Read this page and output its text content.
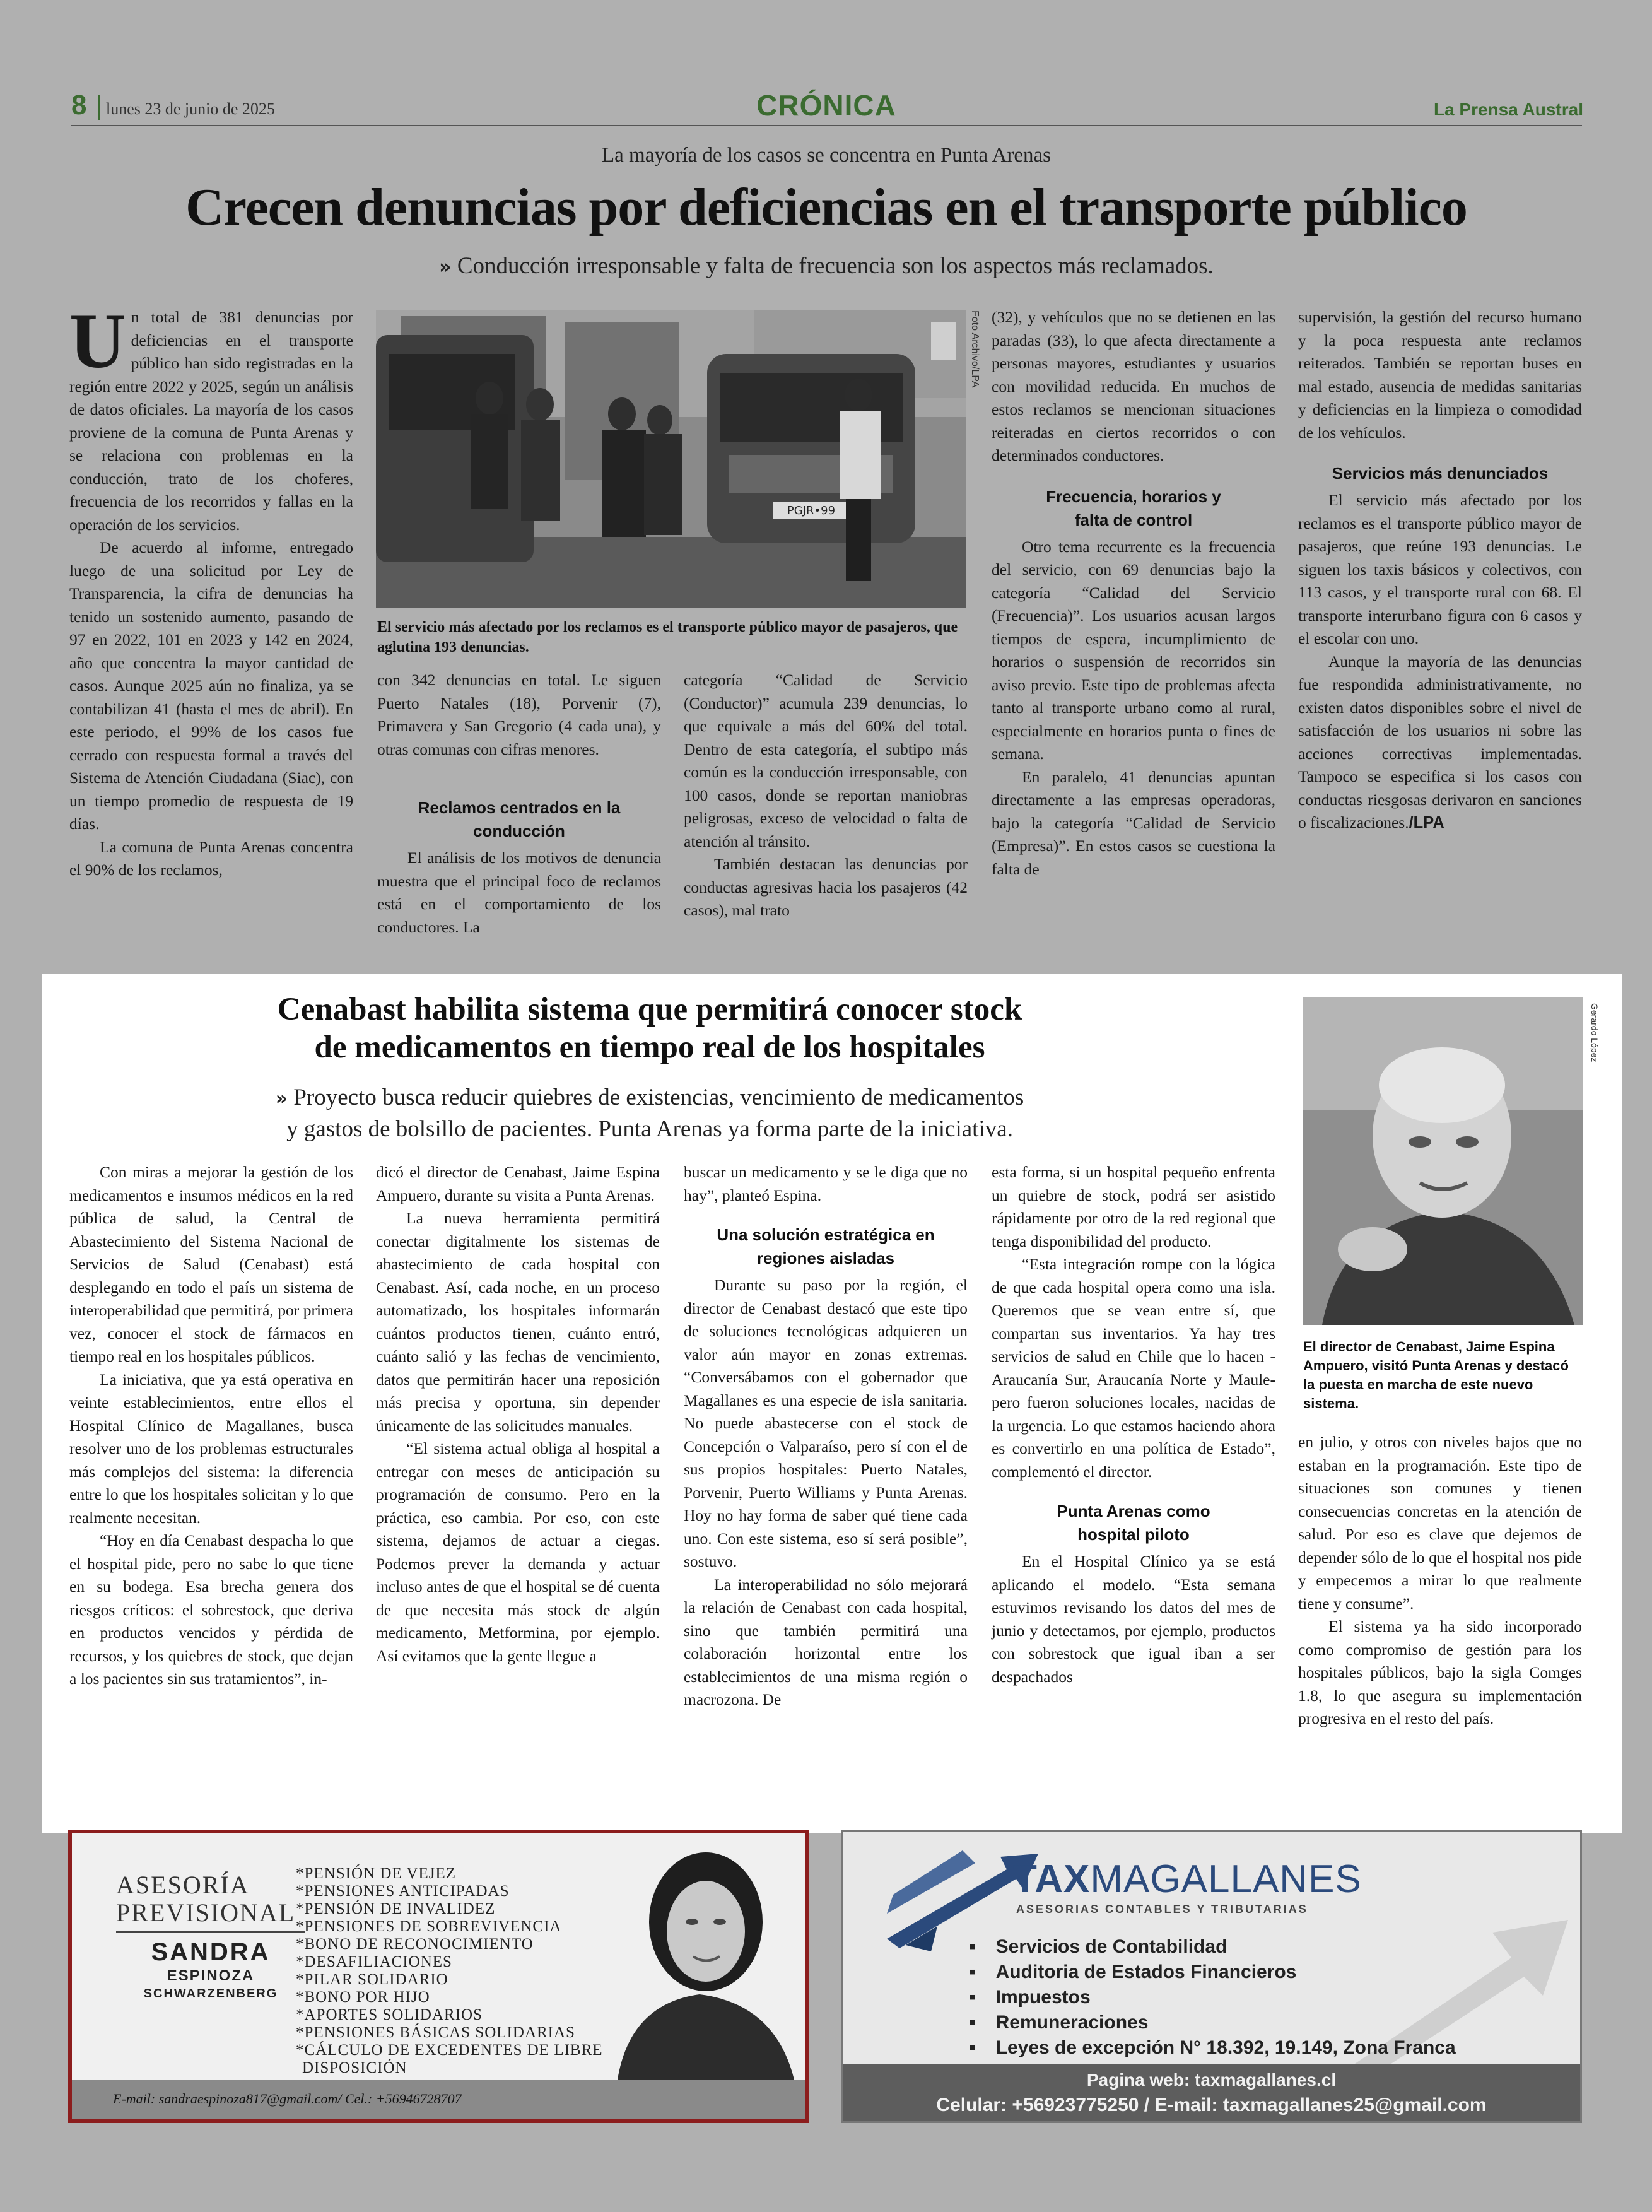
8 lunes 23 de junio de 2025	CRÓNICA	La Prensa Austral
La mayoría de los casos se concentra en Punta Arenas
Crecen denuncias por deficiencias en el transporte público
» Conducción irresponsable y falta de frecuencia son los aspectos más reclamados.

Un total de 381 denuncias por deficiencias en el transporte público han sido registradas en la región entre 2022 y 2025, según un análisis de datos oficiales. La mayoría de los casos proviene de la comuna de Punta Arenas y se relaciona con problemas en la conducción, trato de los choferes, frecuencia de los recorridos y fallas en la operación de los servicios.

De acuerdo al informe, entregado luego de una solicitud por Ley de Transparencia, la cifra de denuncias ha tenido un sostenido aumento, pasando de 97 en 2022, 101 en 2023 y 142 en 2024, año que concentra la mayor cantidad de casos. Aunque 2025 aún no finaliza, ya se contabilizan 41 (hasta el mes de abril). En este periodo, el 99% de los casos fue cerrado con respuesta formal a través del Sistema de Atención Ciudadana (Siac), con un tiempo promedio de respuesta de 19 días.

La comuna de Punta Arenas concentra el 90% de los reclamos,

PGJR•99
Foto Archivo/LPA
El servicio más afectado por los reclamos es el transporte público mayor de pasajeros, que aglutina 193 denuncias.

con 342 denuncias en total. Le siguen Puerto Natales (18), Porvenir (7), Primavera y San Gregorio (4 cada una), y otras comunas con cifras menores.

Reclamos centrados en la conducción

El análisis de los motivos de denuncia muestra que el principal foco de reclamos está en el comportamiento de los conductores. La

categoría “Calidad de Servicio (Conductor)” acumula 239 denuncias, lo que equivale a más del 60% del total. Dentro de esta categoría, el subtipo más común es la conducción irresponsable, con 100 casos, donde se reportan maniobras peligrosas, exceso de velocidad o falta de atención al tránsito.

También destacan las denuncias por conductas agresivas hacia los pasajeros (42 casos), mal trato

(32), y vehículos que no se detienen en las paradas (33), lo que afecta directamente a personas mayores, estudiantes y usuarios con movilidad reducida. En muchos de estos reclamos se mencionan situaciones reiteradas en ciertos recorridos o con determinados conductores.

Frecuencia, horarios y falta de control

Otro tema recurrente es la frecuencia del servicio, con 69 denuncias bajo la categoría “Calidad del Servicio (Frecuencia)”. Los usuarios acusan largos tiempos de espera, incumplimiento de horarios o suspensión de recorridos sin aviso previo. Este tipo de problemas afecta tanto al transporte urbano como al rural, especialmente en horarios punta o fines de semana.

En paralelo, 41 denuncias apuntan directamente a las empresas operadoras, bajo la categoría “Calidad de Servicio (Empresa)”. En estos casos se cuestiona la falta de

supervisión, la gestión del recurso humano y la poca respuesta ante reclamos reiterados. También se reportan buses en mal estado, ausencia de medidas sanitarias y deficiencias en la limpieza o comodidad de los vehículos.

Servicios más denunciados

El servicio más afectado por los reclamos es el transporte público mayor de pasajeros, que reúne 193 denuncias. Le siguen los taxis básicos y colectivos, con 113 casos, y el transporte rural con 68. El transporte interurbano figura con 6 casos y el escolar con uno.

Aunque la mayoría de las denuncias fue respondida administrativamente, no existen datos disponibles sobre el nivel de satisfacción de los usuarios ni sobre las acciones correctivas implementadas. Tampoco se especifica si los casos con conductas riesgosas derivaron en sanciones o fiscalizaciones./LPA

Cenabast habilita sistema que permitirá conocer stock
de medicamentos en tiempo real de los hospitales
» Proyecto busca reducir quiebres de existencias, vencimiento de medicamentos
y gastos de bolsillo de pacientes. Punta Arenas ya forma parte de la iniciativa.
Gerardo López
El director de Cenabast, Jaime Espina Ampuero, visitó Punta Arenas y destacó la puesta en marcha de este nuevo sistema.

Con miras a mejorar la gestión de los medicamentos e insumos médicos en la red pública de salud, la Central de Abastecimiento del Sistema Nacional de Servicios de Salud (Cenabast) está desplegando en todo el país un sistema de interoperabilidad que permitirá, por primera vez, conocer el stock de fármacos en tiempo real en los hospitales públicos.

La iniciativa, que ya está operativa en veinte establecimientos, entre ellos el Hospital Clínico de Magallanes, busca resolver uno de los problemas estructurales más complejos del sistema: la diferencia entre lo que los hospitales solicitan y lo que realmente necesitan.

“Hoy en día Cenabast despacha lo que el hospital pide, pero no sabe lo que tiene en su bodega. Esa brecha genera dos riesgos críticos: el sobrestock, que deriva en productos vencidos y pérdida de recursos, y los quiebres de stock, que dejan a los pacientes sin sus tratamientos”, in-

dicó el director de Cenabast, Jaime Espina Ampuero, durante su visita a Punta Arenas.

La nueva herramienta permitirá conectar digitalmente los sistemas de abastecimiento de cada hospital con Cenabast. Así, cada noche, en un proceso automatizado, los hospitales informarán cuántos productos tienen, cuánto entró, cuánto salió y las fechas de vencimiento, datos que permitirán hacer una reposición más precisa y oportuna, sin depender únicamente de las solicitudes manuales.

“El sistema actual obliga al hospital a entregar con meses de anticipación su programación de consumo. Pero en la práctica, eso cambia. Por eso, con este sistema, dejamos de actuar a ciegas. Podemos prever la demanda y actuar incluso antes de que el hospital se dé cuenta de que necesita más stock de algún medicamento, Metformina, por ejemplo. Así evitamos que la gente llegue a

buscar un medicamento y se le diga que no hay”, planteó Espina.

Una solución estratégica en regiones aisladas

Durante su paso por la región, el director de Cenabast destacó que este tipo de soluciones tecnológicas adquieren un valor aún mayor en zonas extremas. “Conversábamos con el gobernador que Magallanes es una especie de isla sanitaria. No puede abastecerse con el stock de Concepción o Valparaíso, pero sí con el de sus propios hospitales: Puerto Natales, Porvenir, Puerto Williams y Punta Arenas. Hoy no hay forma de saber qué tiene cada uno. Con este sistema, eso sí será posible”, sostuvo.

La interoperabilidad no sólo mejorará la relación de Cenabast con cada hospital, sino que también permitirá una colaboración horizontal entre los establecimientos de una misma región o macrozona. De

esta forma, si un hospital pequeño enfrenta un quiebre de stock, podrá ser asistido rápidamente por otro de la red regional que tenga disponibilidad del producto.

“Esta integración rompe con la lógica de que cada hospital opera como una isla. Queremos que se vean entre sí, que compartan sus inventarios. Ya hay tres servicios de salud en Chile que lo hacen -Araucanía Sur, Araucanía Norte y Maule- pero fueron soluciones locales, nacidas de la urgencia. Lo que estamos haciendo ahora es convertirlo en una política de Estado”, complementó el director.

Punta Arenas como hospital piloto

En el Hospital Clínico ya se está aplicando el modelo. “Esta semana estuvimos revisando los datos del mes de junio y detectamos, por ejemplo, productos con sobrestock que igual iban a ser despachados

en julio, y otros con niveles bajos que no estaban en la programación. Este tipo de situaciones son comunes y tienen consecuencias concretas en la atención de salud. Por eso es clave que dejemos de depender sólo de lo que el hospital nos pide y empecemos a mirar lo que realmente tiene y consume”.

El sistema ya ha sido incorporado como compromiso de gestión para los hospitales públicos, bajo la sigla Comges 1.8, lo que asegura su implementación progresiva en el resto del país.

ASESORÍA
PREVISIONAL
SANDRA
ESPINOZA
SCHWARZENBERG
*PENSIÓN DE VEJEZ
*PENSIONES ANTICIPADAS
*PENSIÓN DE INVALIDEZ
*PENSIONES DE SOBREVIVENCIA
*BONO DE RECONOCIMIENTO
*DESAFILIACIONES
*PILAR SOLIDARIO
*BONO POR HIJO
*APORTES SOLIDARIOS
*PENSIONES BÁSICAS SOLIDARIAS
*CÁLCULO DE EXCEDENTES DE LIBRE
DISPOSICIÓN
E-mail: sandraespinoza817@gmail.com/ Cel.: +56946728707
TAXMAGALLANES
ASESORIAS CONTABLES Y TRIBUTARIAS
▪ Servicios de Contabilidad
▪ Auditoria de Estados Financieros
▪ Impuestos
▪ Remuneraciones
▪ Leyes de excepción N° 18.392, 19.149, Zona Franca
Pagina web: taxmagallanes.cl
Celular: +56923775250 / E-mail: taxmagallanes25@gmail.com
